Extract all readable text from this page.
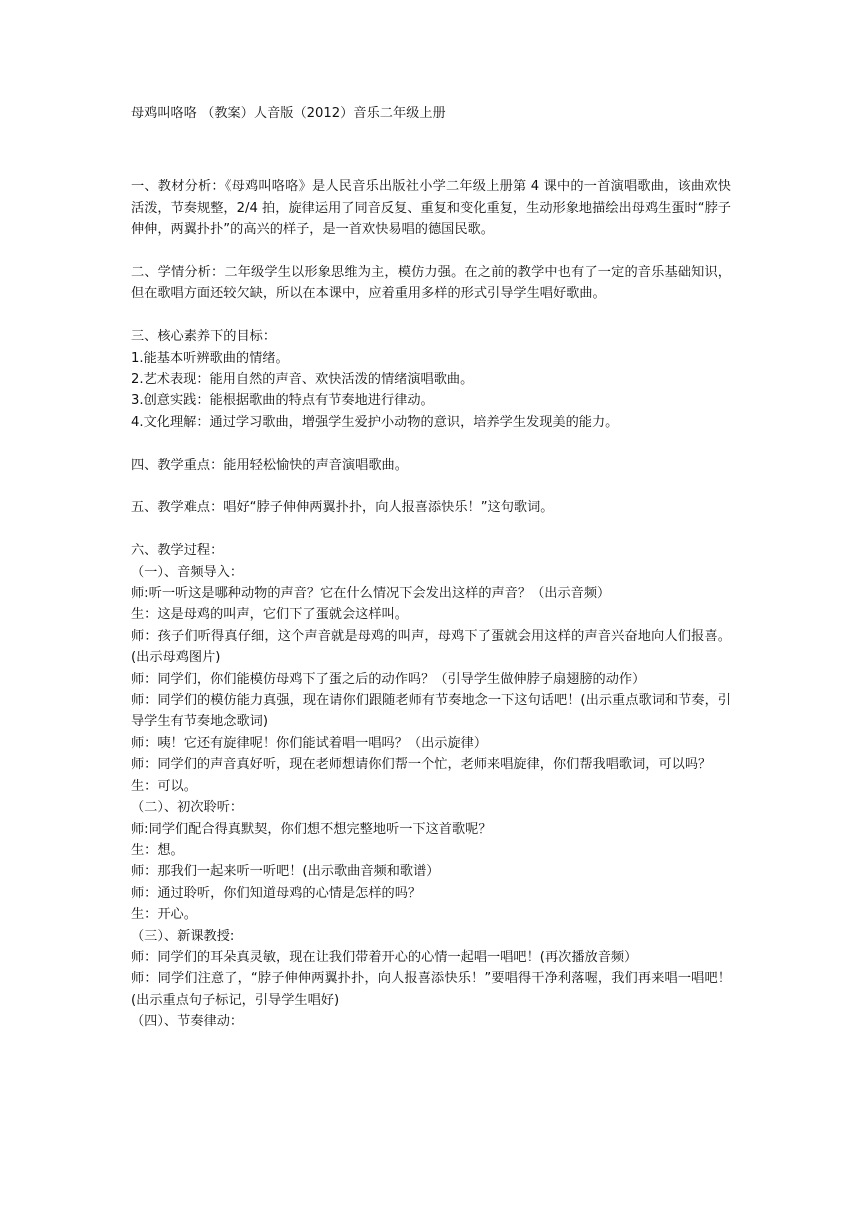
母鸡叫咯咯 （教案）人音版（2012）音乐二年级上册

一、教材分析：《母鸡叫咯咯》是人民音乐出版社小学二年级上册第 4 课中的一首演唱歌曲，该曲欢快活泼，节奏规整，2/4 拍，旋律运用了同音反复、重复和变化重复，生动形象地描绘出母鸡生蛋时“脖子伸伸，两翼扑扑”的高兴的样子，是一首欢快易唱的德国民歌。

二、学情分析：二年级学生以形象思维为主，模仿力强。在之前的教学中也有了一定的音乐基础知识，但在歌唱方面还较欠缺，所以在本课中，应着重用多样的形式引导学生唱好歌曲。

三、核心素养下的目标：

1.能基本听辨歌曲的情绪。

2.艺术表现：能用自然的声音、欢快活泼的情绪演唱歌曲。

3.创意实践：能根据歌曲的特点有节奏地进行律动。

4.文化理解：通过学习歌曲，增强学生爱护小动物的意识，培养学生发现美的能力。

四、教学重点：能用轻松愉快的声音演唱歌曲。

五、教学难点：唱好“脖子伸伸两翼扑扑，向人报喜添快乐！”这句歌词。

六、教学过程：

（一）、音频导入：

师:听一听这是哪种动物的声音？它在什么情况下会发出这样的声音？（出示音频）

生：这是母鸡的叫声，它们下了蛋就会这样叫。

师：孩子们听得真仔细，这个声音就是母鸡的叫声，母鸡下了蛋就会用这样的声音兴奋地向人们报喜。(出示母鸡图片)

师：同学们，你们能模仿母鸡下了蛋之后的动作吗？（引导学生做伸脖子扇翅膀的动作）

师：同学们的模仿能力真强，现在请你们跟随老师有节奏地念一下这句话吧！(出示重点歌词和节奏，引导学生有节奏地念歌词)

师：咦！它还有旋律呢！你们能试着唱一唱吗？（出示旋律）

师：同学们的声音真好听，现在老师想请你们帮一个忙，老师来唱旋律，你们帮我唱歌词，可以吗？

生：可以。

（二）、初次聆听：

师:同学们配合得真默契，你们想不想完整地听一下这首歌呢？

生：想。

师：那我们一起来听一听吧！(出示歌曲音频和歌谱）

师：通过聆听，你们知道母鸡的心情是怎样的吗？

生：开心。

（三）、新课教授:

师：同学们的耳朵真灵敏，现在让我们带着开心的心情一起唱一唱吧！(再次播放音频）

师：同学们注意了，“脖子伸伸两翼扑扑，向人报喜添快乐！”要唱得干净利落喔，我们再来唱一唱吧！(出示重点句子标记，引导学生唱好)

（四）、节奏律动：
